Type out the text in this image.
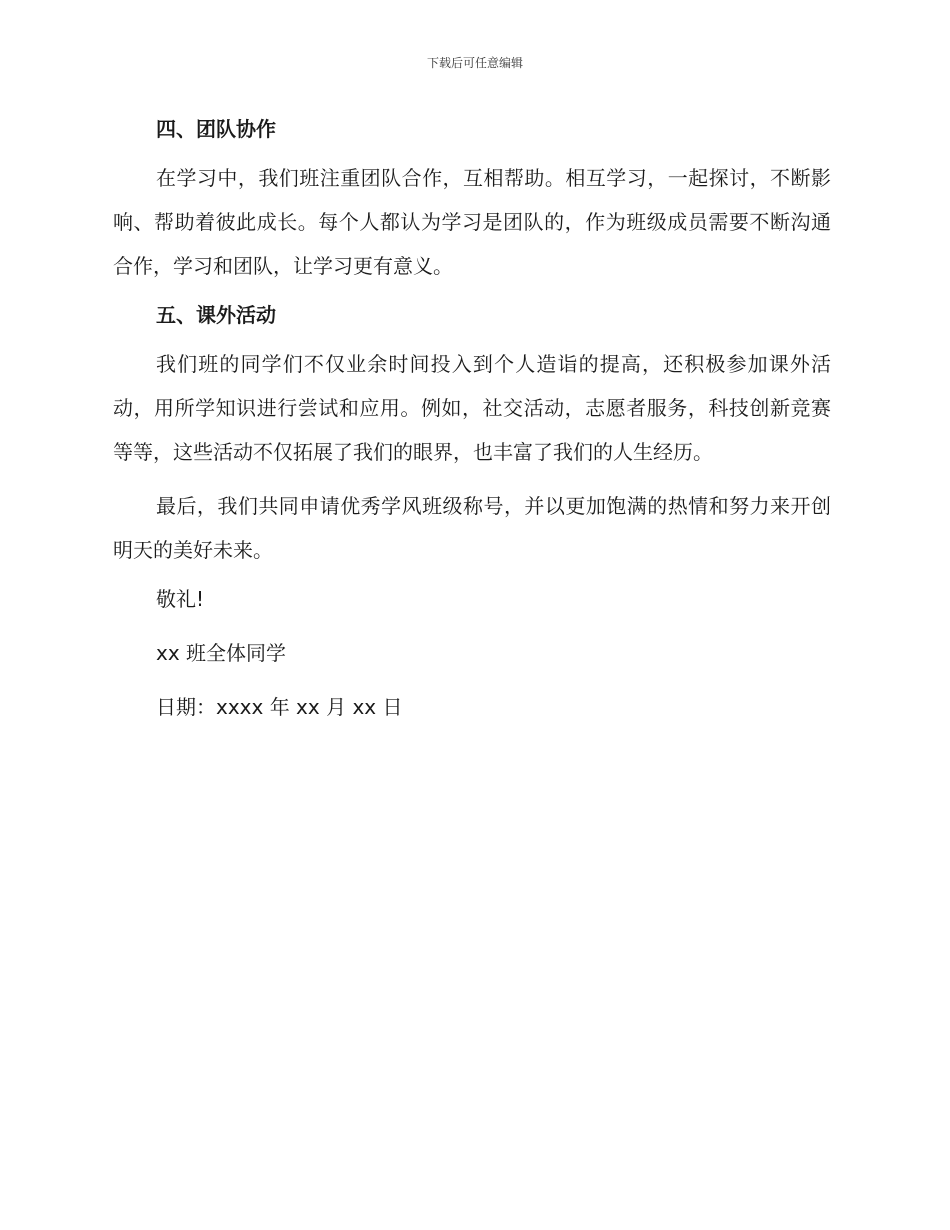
下载后可任意编辑
四、团队协作

在学习中，我们班注重团队合作，互相帮助。相互学习，一起探讨，不断影响、帮助着彼此成长。每个人都认为学习是团队的，作为班级成员需要不断沟通合作，学习和团队，让学习更有意义。

五、课外活动

我们班的同学们不仅业余时间投入到个人造诣的提高，还积极参加课外活动，用所学知识进行尝试和应用。例如，社交活动，志愿者服务，科技创新竞赛等等，这些活动不仅拓展了我们的眼界，也丰富了我们的人生经历。

最后，我们共同申请优秀学风班级称号，并以更加饱满的热情和努力来开创明天的美好未来。

敬礼!
xx 班全体同学
日期：xxxx 年 xx 月 xx 日
